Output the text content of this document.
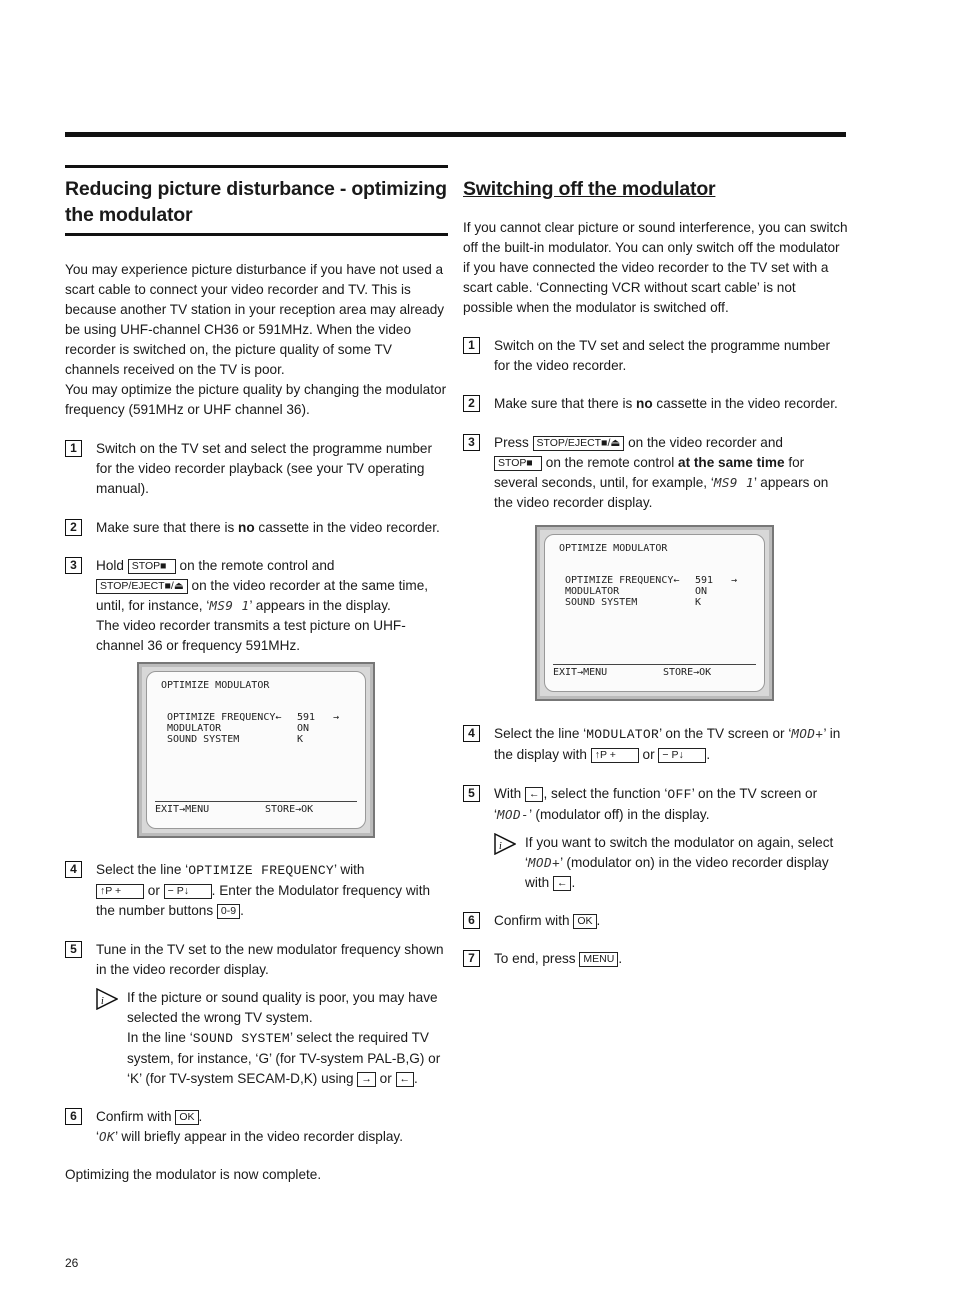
Reducing picture disturbance - optimizing the modulator

You may experience picture disturbance if you have not used a scart cable to connect your video recorder and TV. This is because another TV station in your reception area may already be using UHF-channel CH36 or 591MHz. When the video recorder is switched on, the picture quality of some TV channels received on the TV is poor.

You may optimize the picture quality by changing the modulator frequency (591MHz or UHF channel 36).

1	Switch on the TV set and select the programme number for the video recorder playback (see your TV operating manual).

2	Make sure that there is no cassette in the video recorder.

3	Hold STOP■ on the remote control and
STOP/EJECT■/⏏ on the video recorder at the same time, until, for instance, ‘MS9 1’ appears in the display.

The video recorder transmits a test picture on UHF-channel 36 or frequency 591MHz.

OPTIMIZE MODULATOR
OPTIMIZE FREQUENCY← 591 →
MODULATOR	ON
SOUND SYSTEM	K
EXIT→MENU	STORE→OK
4	Select the line ‘OPTIMIZE FREQUENCY’ with
↑P + or − P↓ . Enter the Modulator frequency with the number buttons 0-9 .

5	Tune in the TV set to the new modulator frequency shown in the video recorder display.

i If the picture or sound quality is poor, you may have selected the wrong TV system.

In the line ‘SOUND SYSTEM’ select the required TV system, for instance, ‘G’ (for TV-system PAL-B,G) or ‘K’ (for TV-system SECAM-D,K) using → or ← .

6	Confirm with OK .
‘OK’ will briefly appear in the video recorder display.

Optimizing the modulator is now complete.

Switching off the modulator

If you cannot clear picture or sound interference, you can switch off the built-in modulator. You can only switch off the modulator if you have connected the video recorder to the TV set with a scart cable. ‘Connecting VCR without scart cable’ is not possible when the modulator is switched off.

1	Switch on the TV set and select the programme number for the video recorder.

2	Make sure that there is no cassette in the video recorder.

3	Press STOP/EJECT■/⏏ on the video recorder and
STOP■ on the remote control at the same time for several seconds, until, for example, ‘MS9 1’ appears on the video recorder display.

OPTIMIZE MODULATOR
OPTIMIZE FREQUENCY← 591 →
MODULATOR	ON
SOUND SYSTEM	K
EXIT→MENU	STORE→OK
4	Select the line ‘MODULATOR’ on the TV screen or ‘MOD+’ in the display with ↑P + or − P↓ .

5	With ← , select the function ‘OFF’ on the TV screen or ‘MOD-’ (modulator off) in the display.

i If you want to switch the modulator on again, select ‘MOD+’ (modulator on) in the video recorder display with ← .

6	Confirm with OK .

7	To end, press MENU .

26
